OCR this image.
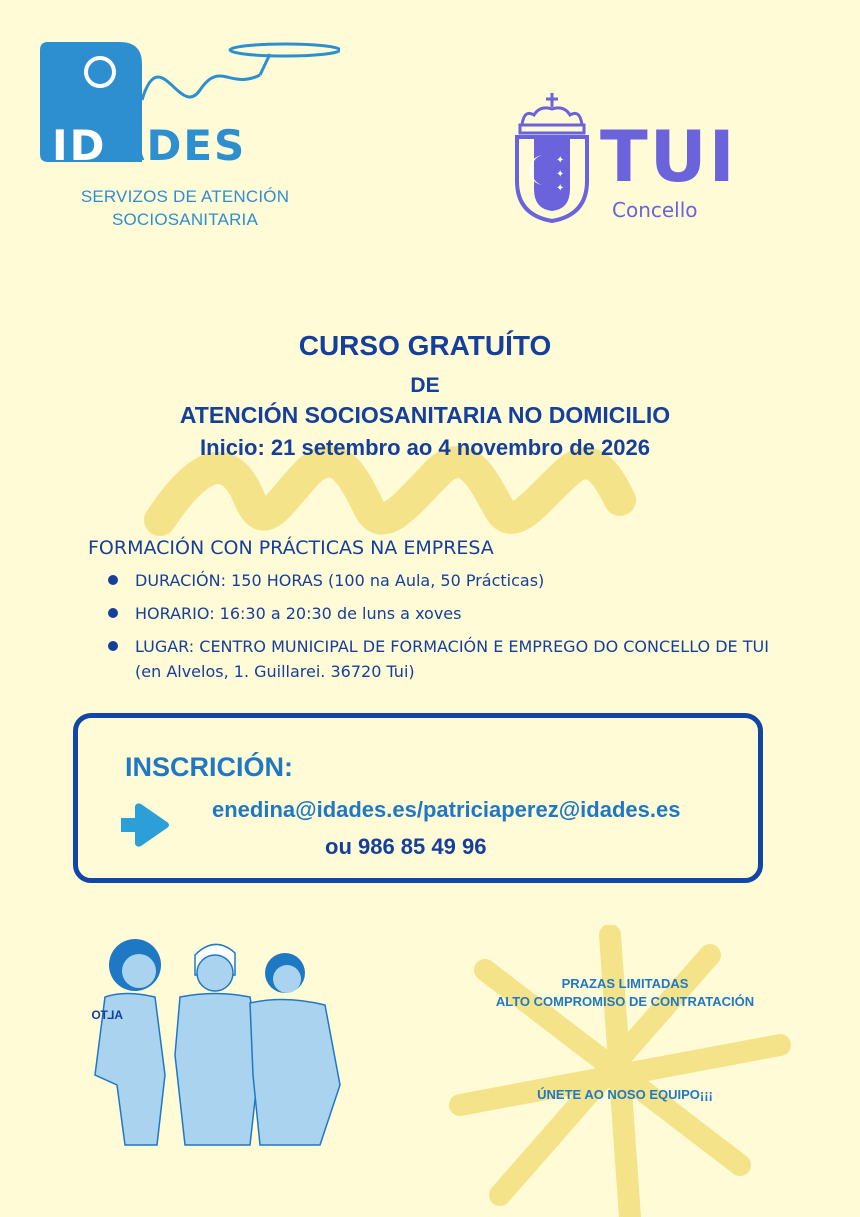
ID ADES
SERVIZOS DE ATENCIÓN
SOCIOSANITARIA
✦
✦
✦ TUI
Concello
CURSO GRATUÍTO
DE
ATENCIÓN SOCIOSANITARIA NO DOMICILIO
Inicio: 21 setembro ao 4 novembro de 2026
FORMACIÓN CON PRÁCTICAS NA EMPRESA
DURACIÓN: 150 HORAS (100 na Aula, 50 Prácticas)
HORARIO: 16:30 a 20:30 de luns a xoves
LUGAR: CENTRO MUNICIPAL DE FORMACIÓN E EMPREGO DO CONCELLO DE TUI (en Alvelos, 1. Guillarei. 36720 Tui)
INSCRICIÓN:
enedina@idades.es/patriciaperez@idades.es
ou 986 85 49 96
ALTO
PRAZAS LIMITADAS
ALTO COMPROMISO DE CONTRATACIÓN
ÚNETE AO NOSO EQUIPO¡¡¡
